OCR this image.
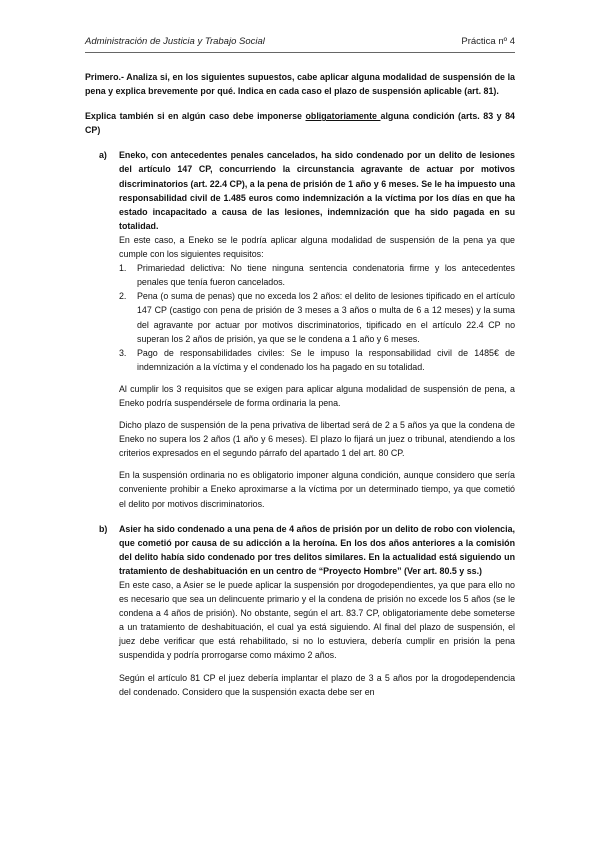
Administración de Justicia y Trabajo Social	Práctica nº 4

Primero.- Analiza si, en los siguientes supuestos, cabe aplicar alguna modalidad de suspensión de la pena y explica brevemente por qué. Indica en cada caso el plazo de suspensión aplicable (art. 81).

Explica también si en algún caso debe imponerse obligatoriamente alguna condición (arts. 83 y 84 CP)

a) Eneko, con antecedentes penales cancelados, ha sido condenado por un delito de lesiones del artículo 147 CP, concurriendo la circunstancia agravante de actuar por motivos discriminatorios (art. 22.4 CP), a la pena de prisión de 1 año y 6 meses. Se le ha impuesto una responsabilidad civil de 1.485 euros como indemnización a la víctima por los días en que ha estado incapacitado a causa de las lesiones, indemnización que ha sido pagada en su totalidad.

En este caso, a Eneko se le podría aplicar alguna modalidad de suspensión de la pena ya que cumple con los siguientes requisitos:

1. Primariedad delictiva: No tiene ninguna sentencia condenatoria firme y los antecedentes penales que tenía fueron cancelados.
2. Pena (o suma de penas) que no exceda los 2 años: el delito de lesiones tipificado en el artículo 147 CP (castigo con pena de prisión de 3 meses a 3 años o multa de 6 a 12 meses) y la suma del agravante por actuar por motivos discriminatorios, tipificado en el artículo 22.4 CP no superan los 2 años de prisión, ya que se le condena a 1 año y 6 meses.
3. Pago de responsabilidades civiles: Se le impuso la responsabilidad civil de 1485€ de indemnización a la víctima y el condenado los ha pagado en su totalidad.

Al cumplir los 3 requisitos que se exigen para aplicar alguna modalidad de suspensión de pena, a Eneko podría suspendérsele de forma ordinaria la pena.

Dicho plazo de suspensión de la pena privativa de libertad será de 2 a 5 años ya que la condena de Eneko no supera los 2 años (1 año y 6 meses). El plazo lo fijará un juez o tribunal, atendiendo a los criterios expresados en el segundo párrafo del apartado 1 del art. 80 CP.

En la suspensión ordinaria no es obligatorio imponer alguna condición, aunque considero que sería conveniente prohibir a Eneko aproximarse a la víctima por un determinado tiempo, ya que cometió el delito por motivos discriminatorios.

b) Asier ha sido condenado a una pena de 4 años de prisión por un delito de robo con violencia, que cometió por causa de su adicción a la heroína. En los dos años anteriores a la comisión del delito había sido condenado por tres delitos similares. En la actualidad está siguiendo un tratamiento de deshabituación en un centro de “Proyecto Hombre” (Ver art. 80.5 y ss.)

En este caso, a Asier se le puede aplicar la suspensión por drogodependientes, ya que para ello no es necesario que sea un delincuente primario y el la condena de prisión no excede los 5 años (se le condena a 4 años de prisión). No obstante, según el art. 83.7 CP, obligatoriamente debe someterse a un tratamiento de deshabituación, el cual ya está siguiendo. Al final del plazo de suspensión, el juez debe verificar que está rehabilitado, si no lo estuviera, debería cumplir en prisión la pena suspendida y podría prorrogarse como máximo 2 años.

Según el artículo 81 CP el juez debería implantar el plazo de 3 a 5 años por la drogodependencia del condenado. Considero que la suspensión exacta debe ser en
